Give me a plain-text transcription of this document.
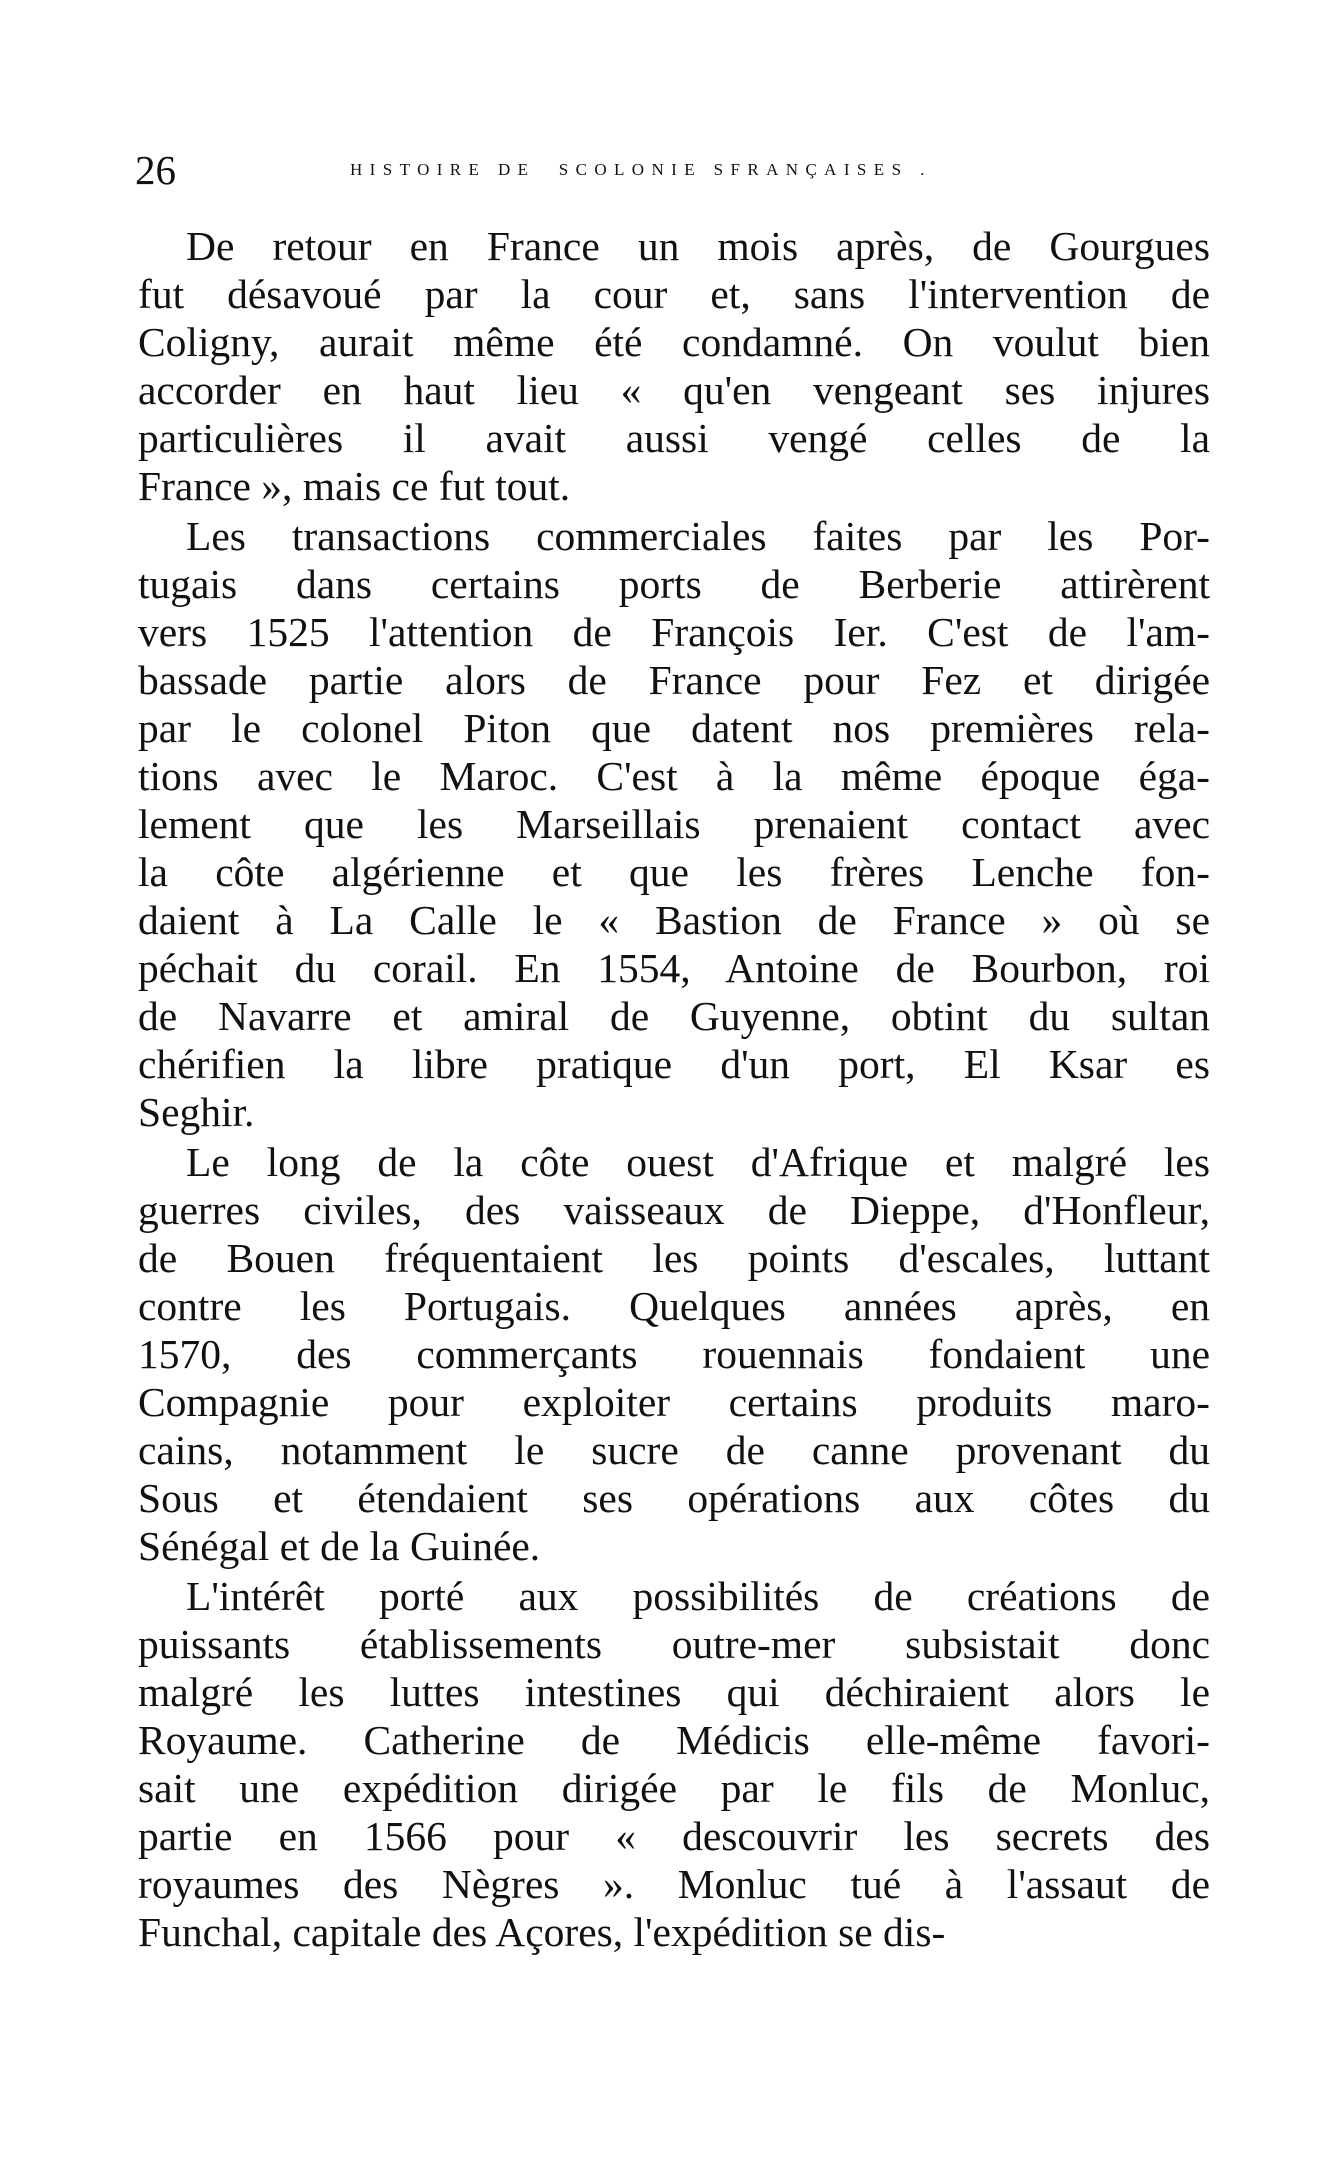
26	HISTOIRE DE  SCOLONIE SFRANÇAISES .
De retour en France un mois après, de Gourgues
fut désavoué par la cour et, sans l'intervention de
Coligny, aurait même été condamné. On voulut bien
accorder en haut lieu « qu'en vengeant ses injures
particulières il avait aussi vengé celles de la
France », mais ce fut tout.
Les transactions commerciales faites par les Por-
tugais dans certains ports de Berberie attirèrent
vers 1525 l'attention de François Ier. C'est de l'am-
bassade partie alors de France pour Fez et dirigée
par le colonel Piton que datent nos premières rela-
tions avec le Maroc. C'est à la même époque éga-
lement que les Marseillais prenaient contact avec
la côte algérienne et que les frères Lenche fon-
daient à La Calle le « Bastion de France » où se
péchait du corail. En 1554, Antoine de Bourbon, roi
de Navarre et amiral de Guyenne, obtint du sultan
chérifien la libre pratique d'un port, El Ksar es
Seghir.
Le long de la côte ouest d'Afrique et malgré les
guerres civiles, des vaisseaux de Dieppe, d'Honfleur,
de Bouen fréquentaient les points d'escales, luttant
contre les Portugais. Quelques années après, en
1570, des commerçants rouennais fondaient une
Compagnie pour exploiter certains produits maro-
cains, notamment le sucre de canne provenant du
Sous et étendaient ses opérations aux côtes du
Sénégal et de la Guinée.
L'intérêt porté aux possibilités de créations de
puissants établissements outre-mer subsistait donc
malgré les luttes intestines qui déchiraient alors le
Royaume. Catherine de Médicis elle-même favori-
sait une expédition dirigée par le fils de Monluc,
partie en 1566 pour « descouvrir les secrets des
royaumes des Nègres ». Monluc tué à l'assaut de
Funchal, capitale des Açores, l'expédition se dis-
